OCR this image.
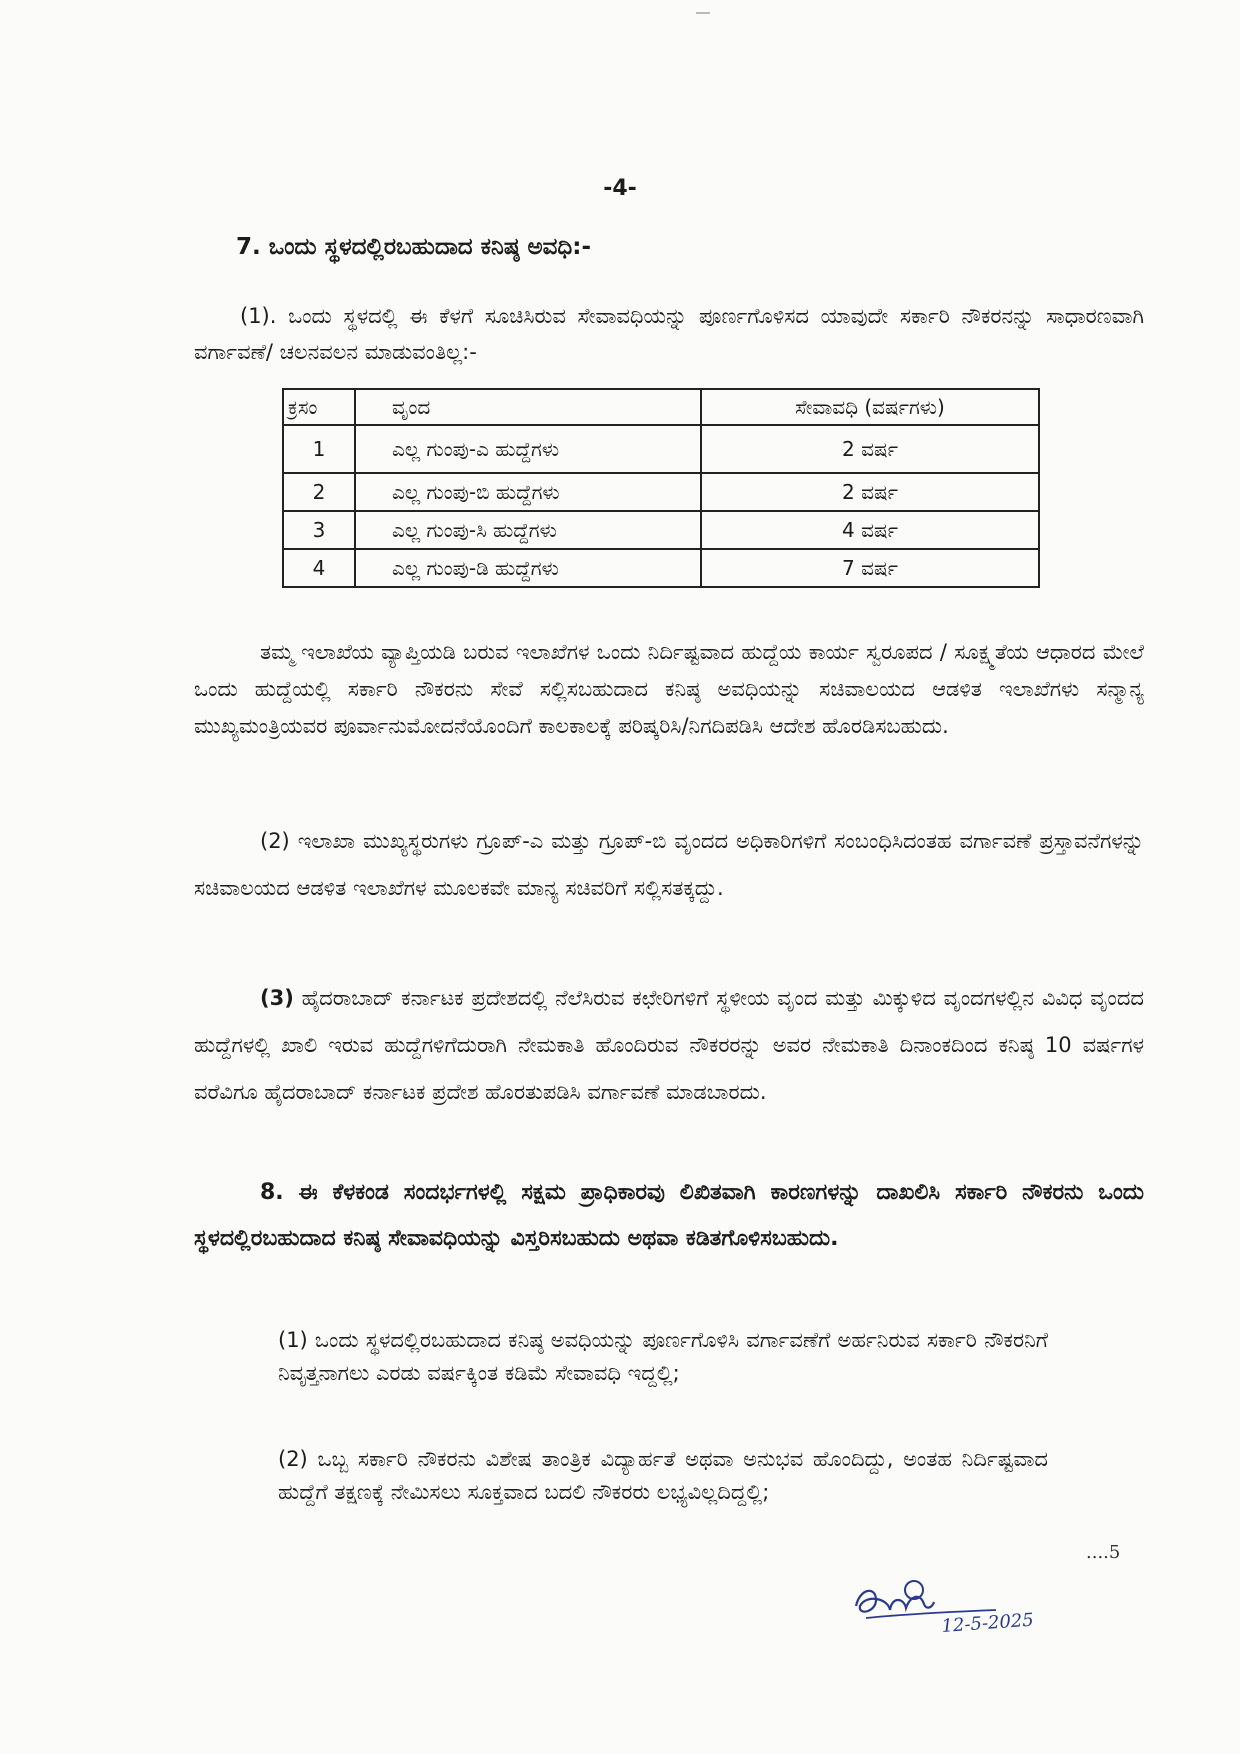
-4-
7. ಒಂದು ಸ್ಥಳದಲ್ಲಿರಬಹುದಾದ ಕನಿಷ್ಠ ಅವಧಿ:-
(1). ಒಂದು ಸ್ಥಳದಲ್ಲಿ ಈ ಕೆಳಗೆ ಸೂಚಿಸಿರುವ ಸೇವಾವಧಿಯನ್ನು ಪೂರ್ಣಗೊಳಿಸದ ಯಾವುದೇ ಸರ್ಕಾರಿ ನೌಕರನನ್ನು ಸಾಧಾರಣವಾಗಿ ವರ್ಗಾವಣೆ/ ಚಲನವಲನ ಮಾಡುವಂತಿಲ್ಲ:-
ಕ್ರಸಂ	ವೃಂದ	ಸೇವಾವಧಿ (ವರ್ಷಗಳು)
1	ಎಲ್ಲ ಗುಂಪು-ಎ ಹುದ್ದೆಗಳು	2 ವರ್ಷ
2	ಎಲ್ಲ ಗುಂಪು-ಬಿ ಹುದ್ದೆಗಳು	2 ವರ್ಷ
3	ಎಲ್ಲ ಗುಂಪು-ಸಿ ಹುದ್ದೆಗಳು	4 ವರ್ಷ
4	ಎಲ್ಲ ಗುಂಪು-ಡಿ ಹುದ್ದೆಗಳು	7 ವರ್ಷ
ತಮ್ಮ ಇಲಾಖೆಯ ವ್ಯಾಪ್ತಿಯಡಿ ಬರುವ ಇಲಾಖೆಗಳ ಒಂದು ನಿರ್ದಿಷ್ಟವಾದ ಹುದ್ದೆಯ ಕಾರ್ಯ ಸ್ವರೂಪದ / ಸೂಕ್ಷ್ಮತೆಯ ಆಧಾರದ ಮೇಲೆ ಒಂದು ಹುದ್ದೆಯಲ್ಲಿ ಸರ್ಕಾರಿ ನೌಕರನು ಸೇವೆ ಸಲ್ಲಿಸಬಹುದಾದ ಕನಿಷ್ಠ ಅವಧಿಯನ್ನು ಸಚಿವಾಲಯದ ಆಡಳಿತ ಇಲಾಖೆಗಳು ಸನ್ಮಾನ್ಯ ಮುಖ್ಯಮಂತ್ರಿಯವರ ಪೂರ್ವಾನುಮೋದನೆಯೊಂದಿಗೆ ಕಾಲಕಾಲಕ್ಕೆ ಪರಿಷ್ಕರಿಸಿ/ನಿಗದಿಪಡಿಸಿ ಆದೇಶ ಹೊರಡಿಸಬಹುದು.
(2) ಇಲಾಖಾ ಮುಖ್ಯಸ್ಥರುಗಳು ಗ್ರೂಪ್-ಎ ಮತ್ತು ಗ್ರೂಪ್-ಬಿ ವೃಂದದ ಅಧಿಕಾರಿಗಳಿಗೆ ಸಂಬಂಧಿಸಿದಂತಹ ವರ್ಗಾವಣೆ ಪ್ರಸ್ತಾವನೆಗಳನ್ನು ಸಚಿವಾಲಯದ ಆಡಳಿತ ಇಲಾಖೆಗಳ ಮೂಲಕವೇ ಮಾನ್ಯ ಸಚಿವರಿಗೆ ಸಲ್ಲಿಸತಕ್ಕದ್ದು.
(3) ಹೈದರಾಬಾದ್ ಕರ್ನಾಟಕ ಪ್ರದೇಶದಲ್ಲಿ ನೆಲೆಸಿರುವ ಕಛೇರಿಗಳಿಗೆ ಸ್ಥಳೀಯ ವೃಂದ ಮತ್ತು ಮಿಕ್ಕುಳಿದ ವೃಂದಗಳಲ್ಲಿನ ವಿವಿಧ ವೃಂದದ ಹುದ್ದೆಗಳಲ್ಲಿ ಖಾಲಿ ಇರುವ ಹುದ್ದೆಗಳಿಗೆದುರಾಗಿ ನೇಮಕಾತಿ ಹೊಂದಿರುವ ನೌಕರರನ್ನು ಅವರ ನೇಮಕಾತಿ ದಿನಾಂಕದಿಂದ ಕನಿಷ್ಠ 10 ವರ್ಷಗಳ ವರೆವಿಗೂ ಹೈದರಾಬಾದ್ ಕರ್ನಾಟಕ ಪ್ರದೇಶ ಹೊರತುಪಡಿಸಿ ವರ್ಗಾವಣೆ ಮಾಡಬಾರದು.
8. ಈ ಕೆಳಕಂಡ ಸಂದರ್ಭಗಳಲ್ಲಿ ಸಕ್ಷಮ ಪ್ರಾಧಿಕಾರವು ಲಿಖಿತವಾಗಿ ಕಾರಣಗಳನ್ನು ದಾಖಲಿಸಿ ಸರ್ಕಾರಿ ನೌಕರನು ಒಂದು ಸ್ಥಳದಲ್ಲಿರಬಹುದಾದ ಕನಿಷ್ಠ ಸೇವಾವಧಿಯನ್ನು ವಿಸ್ತರಿಸಬಹುದು ಅಥವಾ ಕಡಿತಗೊಳಿಸಬಹುದು.
(1) ಒಂದು ಸ್ಥಳದಲ್ಲಿರಬಹುದಾದ ಕನಿಷ್ಠ ಅವಧಿಯನ್ನು ಪೂರ್ಣಗೊಳಿಸಿ ವರ್ಗಾವಣೆಗೆ ಅರ್ಹನಿರುವ ಸರ್ಕಾರಿ ನೌಕರನಿಗೆ ನಿವೃತ್ತನಾಗಲು ಎರಡು ವರ್ಷಕ್ಕಿಂತ ಕಡಿಮೆ ಸೇವಾವಧಿ ಇದ್ದಲ್ಲಿ;
(2) ಒಬ್ಬ ಸರ್ಕಾರಿ ನೌಕರನು ವಿಶೇಷ ತಾಂತ್ರಿಕ ವಿದ್ಯಾರ್ಹತೆ ಅಥವಾ ಅನುಭವ ಹೊಂದಿದ್ದು, ಅಂತಹ ನಿರ್ದಿಷ್ಟವಾದ ಹುದ್ದೆಗೆ ತಕ್ಷಣಕ್ಕೆ ನೇಮಿಸಲು ಸೂಕ್ತವಾದ ಬದಲಿ ನೌಕರರು ಲಭ್ಯವಿಲ್ಲದಿದ್ದಲ್ಲಿ;
....5
12-5-2025
